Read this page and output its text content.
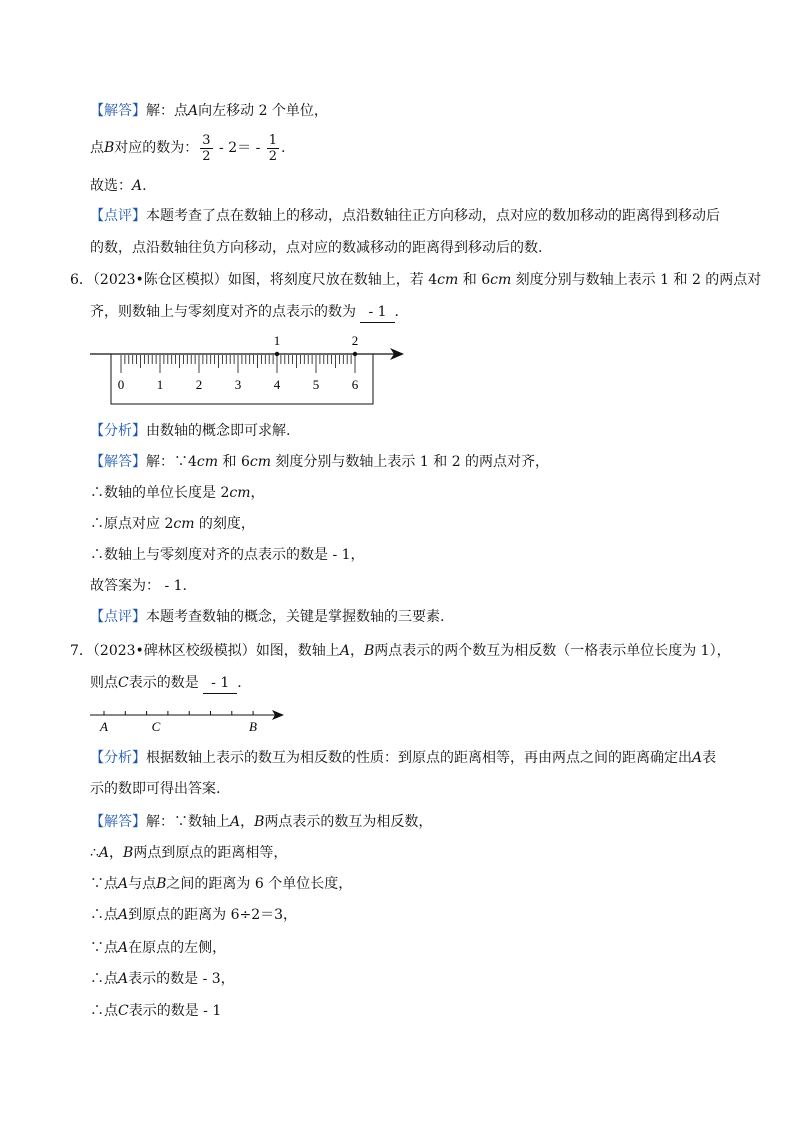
【解答】解：点A向左移动 2 个单位，
点B对应的数为： $\frac{3}{2} - 2= - \frac{1}{2}$ .
故选：A.
【点评】本题考查了点在数轴上的移动，点沿数轴往正方向移动，点对应的数加移动的距离得到移动后
的数，点沿数轴往负方向移动，点对应的数减移动的距离得到移动后的数.
6．（2023•陈仓区模拟）如图，将刻度尺放在数轴上，若 4cm 和 6cm 刻度分别与数轴上表示 1 和 2 的两点对
齐，则数轴上与零刻度对齐的点表示的数为 - 1.
0	1	2	3	4	5	6
1	2
【分析】由数轴的概念即可求解.
【解答】解：∵4cm 和 6cm 刻度分别与数轴上表示 1 和 2 的两点对齐，
∴数轴的单位长度是 2cm，
∴原点对应 2cm 的刻度，
∴数轴上与零刻度对齐的点表示的数是 - 1，
故答案为： - 1.
【点评】本题考查数轴的概念，关键是掌握数轴的三要素.
7．（2023•碑林区校级模拟）如图，数轴上A，B两点表示的两个数互为相反数（一格表示单位长度为 1），
则点C表示的数是 - 1.
A	C	B
【分析】根据数轴上表示的数互为相反数的性质：到原点的距离相等，再由两点之间的距离确定出A表
示的数即可得出答案.
【解答】解：∵数轴上A，B两点表示的数互为相反数，
∴A，B两点到原点的距离相等，
∵点A与点B之间的距离为 6 个单位长度，
∴点A到原点的距离为 6÷2＝3，
∵点A在原点的左侧，
∴点A表示的数是 - 3，
∴点C表示的数是 - 1
